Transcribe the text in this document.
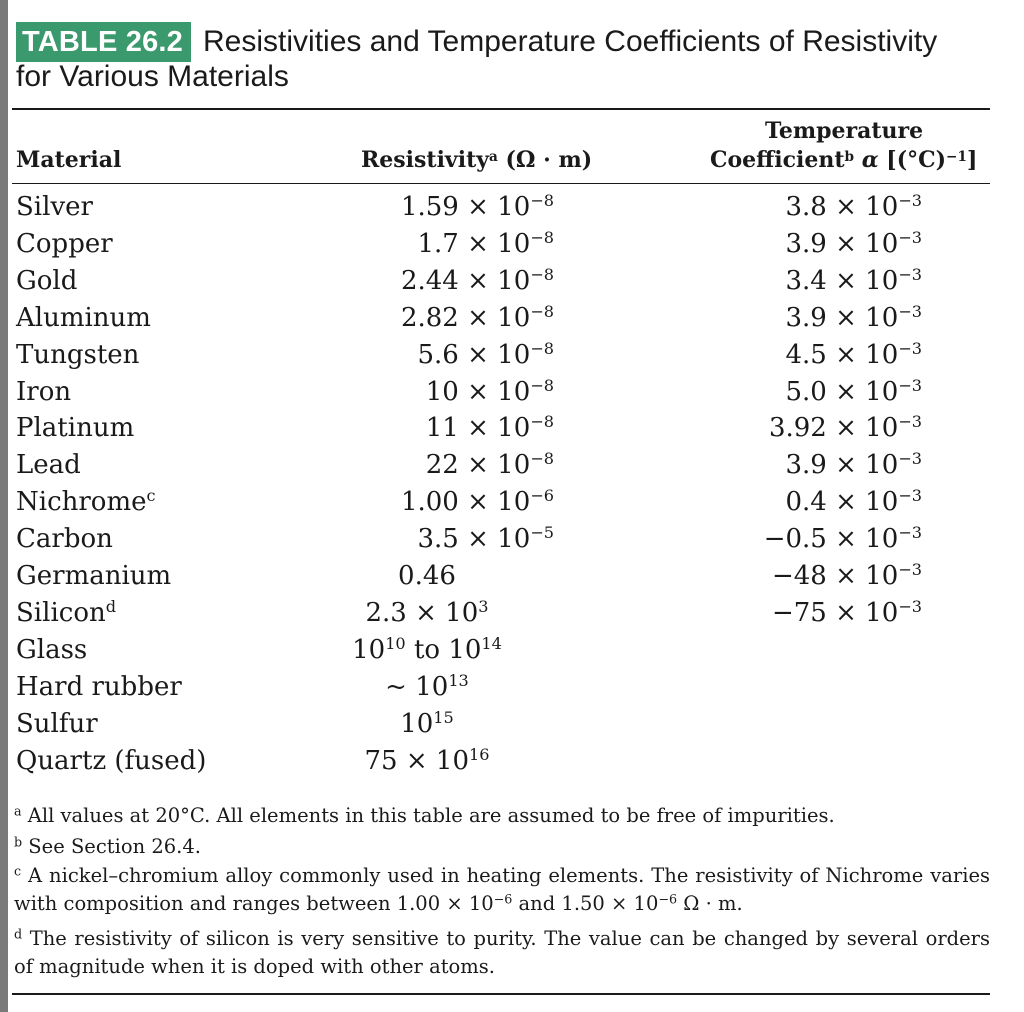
TABLE 26.2 Resistivities and Temperature Coefficients of Resistivity
for Various Materials
Material	Resistivity$^a$ (Ω · m)
Temperature
Coefficient$^b$ α $[(^\circ C)^{-1}]$
Silver	$1.59 \times 10^{-8}$	$3.8 \times 10^{-3}$
Copper	$1.7 \times 10^{-8}$	$3.9 \times 10^{-3}$
Gold	$2.44 \times 10^{-8}$	$3.4 \times 10^{-3}$
Aluminum	$2.82 \times 10^{-8}$	$3.9 \times 10^{-3}$
Tungsten	$5.6 \times 10^{-8}$	$4.5 \times 10^{-3}$
Iron	$10 \times 10^{-8}$	$5.0 \times 10^{-3}$
Platinum	$11 \times 10^{-8}$	$3.92 \times 10^{-3}$
Lead	$22 \times 10^{-8}$	$3.9 \times 10^{-3}$
Nichrome$^c$	$1.00 \times 10^{-6}$	$0.4 \times 10^{-3}$
Carbon	$3.5 \times 10^{-5}$	$-0.5 \times 10^{-3}$
Germanium	0.46	$-48 \times 10^{-3}$
Silicon$^d$	$2.3 \times 10^3$	$-75 \times 10^{-3}$
Glass	$10^{10}$ to $10^{14}$
Hard rubber	~ $10^{13}$
Sulfur	$10^{15}$
Quartz (fused)	$75 \times 10^{16}$
$^a$ All values at 20°C. All elements in this table are assumed to be free of impurities.
$^b$ See Section 26.4.
$^c$ A nickel–chromium alloy commonly used in heating elements. The resistivity of Nichrome varies with composition and ranges between $1.00 \times 10^{-6}$ and $1.50 \times 10^{-6}$ Ω · m.
$^d$ The resistivity of silicon is very sensitive to purity. The value can be changed by several orders of magnitude when it is doped with other atoms.
